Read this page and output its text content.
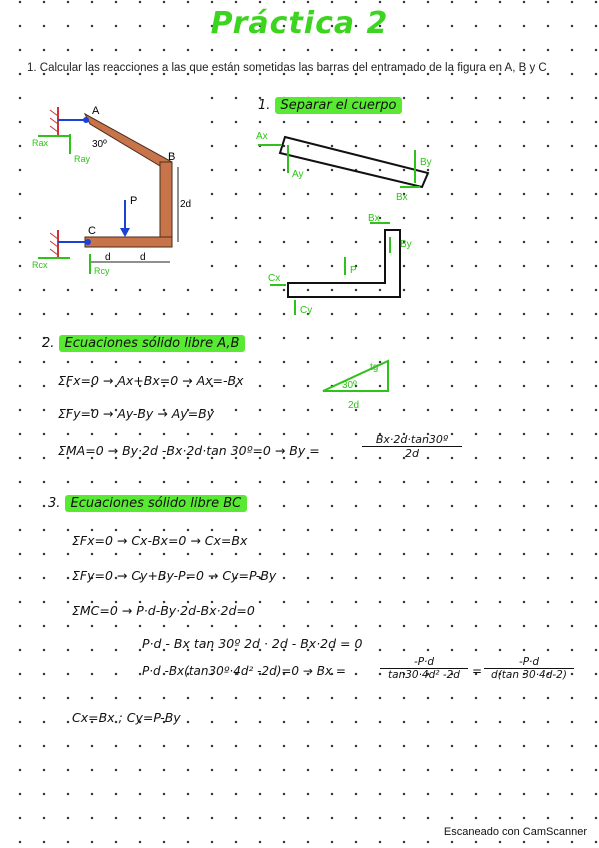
Práctica 2
1. Calcular las reacciones a las que están sometidas las barras del entramado de la figura en A, B y C
A
B
C
P
30º
2d
d	d
Rax
Ray
Rcx
Rcy
1. Separar el cuerpo
Ax
Ay
By
Bx
Bx
By
P
Cx
Cy
2. Ecuaciones sólido libre A,B
tg
30º
2d
ΣFx=0 → Ax+Bx=0 → Ax=-Bx
ΣFy=0 → Ay-By → Ay=By
ΣMA=0 → By·2d -Bx·2d·tan 30º=0 → By =	$\frac{\text{Bx·2d·tan30º}}{2d}$
3. Ecuaciones sólido libre BC
ΣFx=0 → Cx-Bx=0 → Cx=Bx
ΣFy=0 → Cy+By-P=0 → Cy=P-By
ΣMC=0 → P·d-By·2d-Bx·2d=0
P·d - Bx tan 30º 2d · 2d - Bx·2d = 0
P·d -Bx(tan30º·4d² -2d)=0 → Bx =
-P·d
tan30·4d² -2d	=
-P·d
d(tan 30·4d-2)
Cx=Bx ; Cy=P-By
Escaneado con CamScanner
